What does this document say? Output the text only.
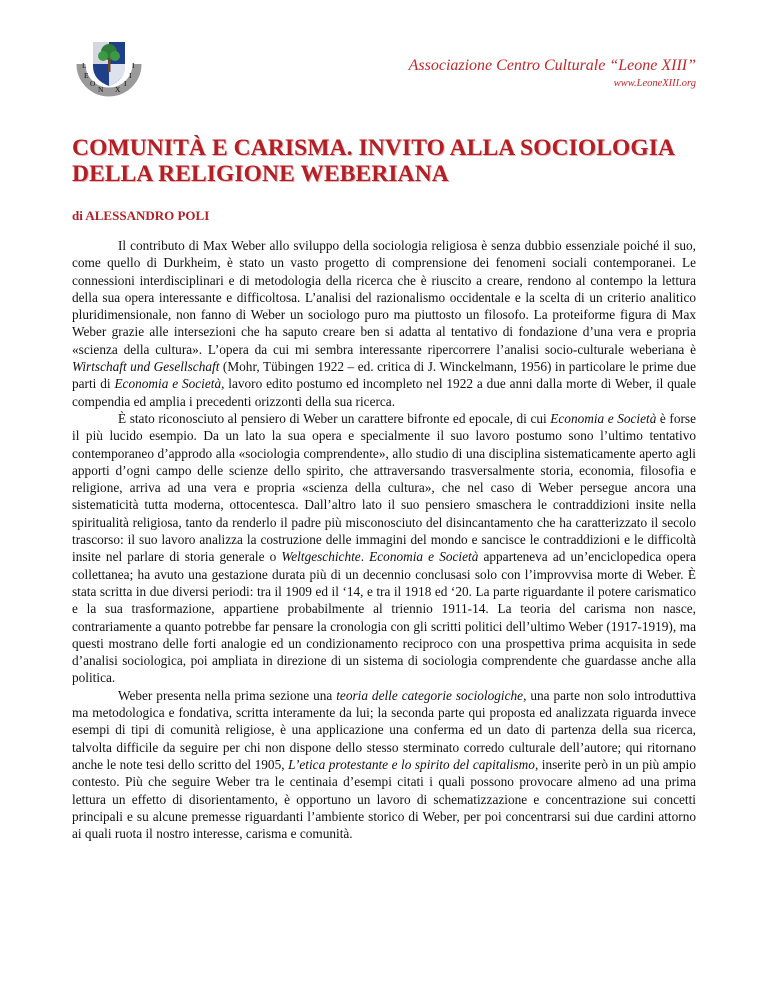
L
E
O
N X
I
I
I	Associazione Centro Culturale “Leone XIII”
www.LeoneXIII.org
COMUNITÀ E CARISMA. INVITO ALLA SOCIOLOGIA DELLA RELIGIONE WEBERIANA
di ALESSANDRO POLI

Il contributo di Max Weber allo sviluppo della sociologia religiosa è senza dubbio essenziale poiché il suo, come quello di Durkheim, è stato un vasto progetto di comprensione dei fenomeni sociali contemporanei. Le connessioni interdisciplinari e di metodologia della ricerca che è riuscito a creare, rendono al contempo la lettura della sua opera interessante e difficoltosa. L’analisi del razionalismo occidentale e la scelta di un criterio analitico pluridimensionale, non fanno di Weber un sociologo puro ma piuttosto un filosofo. La proteiforme figura di Max Weber grazie alle intersezioni che ha saputo creare ben si adatta al tentativo di fondazione d’una vera e propria «scienza della cultura». L’opera da cui mi sembra interessante ripercorrere l’analisi socio-culturale weberiana è Wirtschaft und Gesellschaft (Mohr, Tübingen 1922 – ed. critica di J. Winckelmann, 1956) in particolare le prime due parti di Economia e Società, lavoro edito postumo ed incompleto nel 1922 a due anni dalla morte di Weber, il quale compendia ed amplia i precedenti orizzonti della sua ricerca.

È stato riconosciuto al pensiero di Weber un carattere bifronte ed epocale, di cui Economia e Società è forse il più lucido esempio. Da un lato la sua opera e specialmente il suo lavoro postumo sono l’ultimo tentativo contemporaneo d’approdo alla «sociologia comprendente», allo studio di una disciplina sistematicamente aperto agli apporti d’ogni campo delle scienze dello spirito, che attraversando trasversalmente storia, economia, filosofia e religione, arriva ad una vera e propria «scienza della cultura», che nel caso di Weber persegue ancora una sistematicità tutta moderna, ottocentesca. Dall’altro lato il suo pensiero smaschera le contraddizioni insite nella spiritualità religiosa, tanto da renderlo il padre più misconosciuto del disincantamento che ha caratterizzato il secolo trascorso: il suo lavoro analizza la costruzione delle immagini del mondo e sancisce le contraddizioni e le difficoltà insite nel parlare di storia generale o Weltgeschichte. Economia e Società apparteneva ad un’enciclopedica opera collettanea; ha avuto una gestazione durata più di un decennio conclusasi solo con l’improvvisa morte di Weber. È stata scritta in due diversi periodi: tra il 1909 ed il ‘14, e tra il 1918 ed ‘20. La parte riguardante il potere carismatico e la sua trasformazione, appartiene probabilmente al triennio 1911-14. La teoria del carisma non nasce, contrariamente a quanto potrebbe far pensare la cronologia con gli scritti politici dell’ultimo Weber (1917-1919), ma questi mostrano delle forti analogie ed un condizionamento reciproco con una prospettiva prima acquisita in sede d’analisi sociologica, poi ampliata in direzione di un sistema di sociologia comprendente che guardasse anche alla politica.

Weber presenta nella prima sezione una teoria delle categorie sociologiche, una parte non solo introduttiva ma metodologica e fondativa, scritta interamente da lui; la seconda parte qui proposta ed analizzata riguarda invece esempi di tipi di comunità religiose, è una applicazione una conferma ed un dato di partenza della sua ricerca, talvolta difficile da seguire per chi non dispone dello stesso sterminato corredo culturale dell’autore; qui ritornano anche le note tesi dello scritto del 1905, L’etica protestante e lo spirito del capitalismo, inserite però in un più ampio contesto. Più che seguire Weber tra le centinaia d’esempi citati i quali possono provocare almeno ad una prima lettura un effetto di disorientamento, è opportuno un lavoro di schematizzazione e concentrazione sui concetti principali e su alcune premesse riguardanti l’ambiente storico di Weber, per poi concentrarsi sui due cardini attorno ai quali ruota il nostro interesse, carisma e comunità.
